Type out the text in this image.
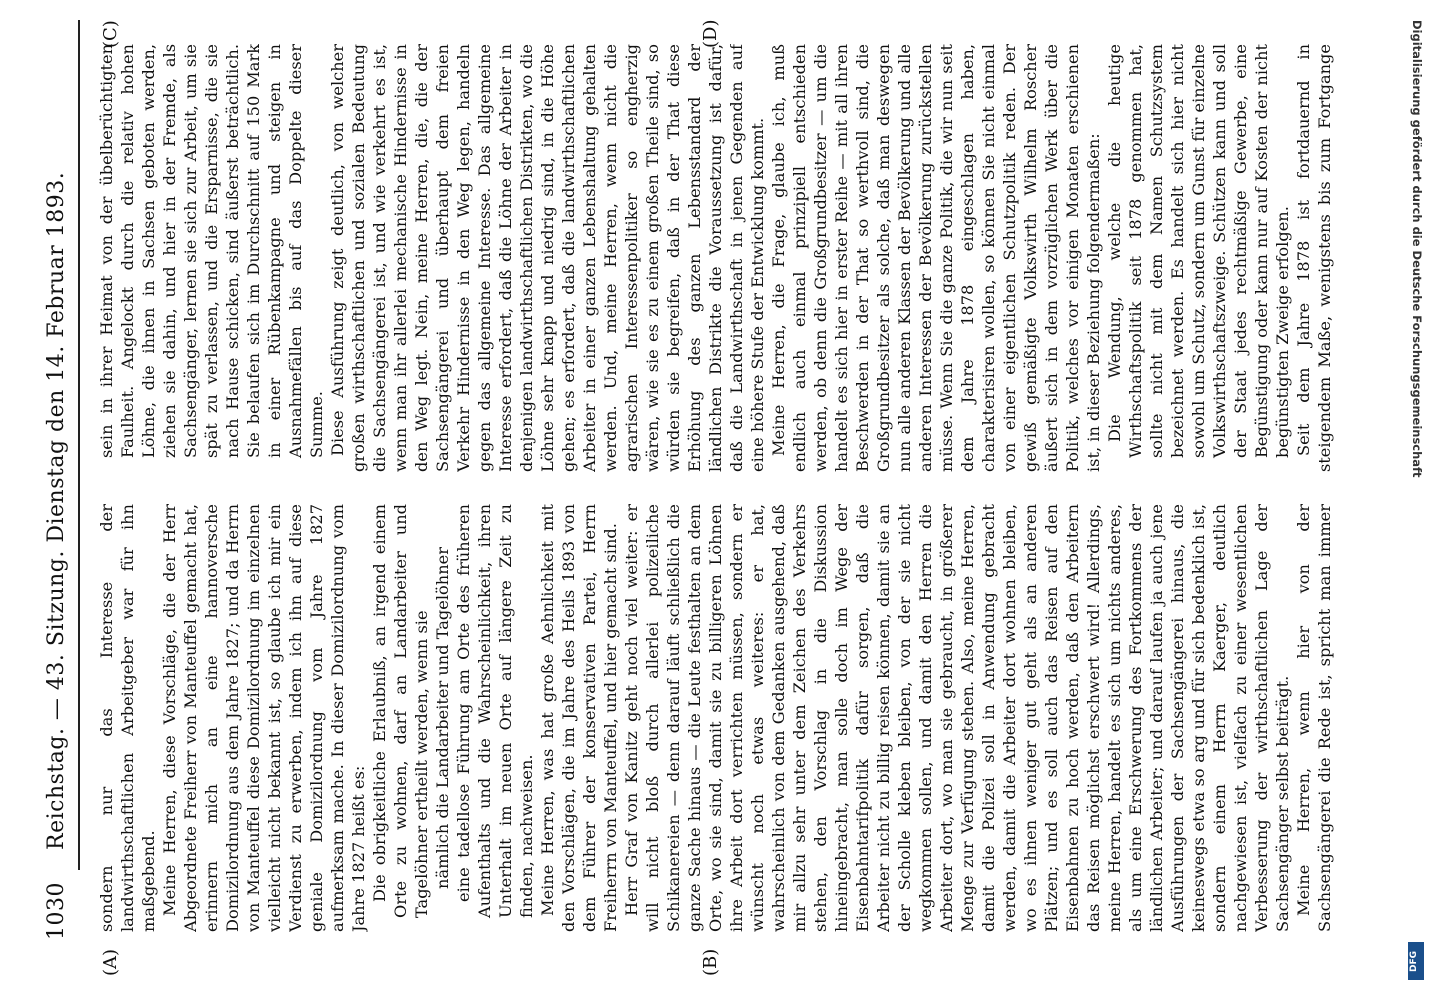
1030
Reichstag. — 43. Sitzung. Dienstag den 14. Februar 1893.
(A)	(B)
(C)	(D)

sondern nur das Interesse der landwirthschaftlichen Arbeitgeber war für ihn maßgebend. Meine Herren, diese Vorschläge, die der Herr Abgeordnete Freiherr von Manteuffel gemacht hat, erinnern mich an eine hannoversche Domizilordnung aus dem Jahre 1827; und da Herrn von Manteuffel diese Domizilordnung im einzelnen vielleicht nicht bekannt ist, so glaube ich mir ein Verdienst zu erwerben, indem ich ihn auf diese geniale Domizilordnung vom Jahre 1827 aufmerksam mache. In dieser Domizilordnung vom Jahre 1827 heißt es: Die obrigkeitliche Erlaubniß, an irgend einem Orte zu wohnen, darf an Landarbeiter und Tagelöhner ertheilt werden, wenn sie nämlich die Landarbeiter und Tagelöhner eine tadellose Führung am Orte des früheren Aufenthalts und die Wahrscheinlichkeit, ihren Unterhalt im neuen Orte auf längere Zeit zu finden, nachweisen. Meine Herren, was hat große Aehnlichkeit mit den Vorschlägen, die im Jahre des Heils 1893 von dem Führer der konservativen Partei, Herrn Freiherrn von Manteuffel, und hier gemacht sind. Herr Graf von Kanitz geht noch viel weiter: er will nicht bloß durch allerlei polizeiliche Schikanereien — denn darauf läuft schließlich die ganze Sache hinaus — die Leute festhalten an dem Orte, wo sie sind, damit sie zu billigeren Löhnen ihre Arbeit dort verrichten müssen, sondern er wünscht noch etwas weiteres: er hat, wahrscheinlich von dem Gedanken ausgehend, daß mir allzu sehr unter dem Zeichen des Verkehrs stehen, den Vorschlag in die Diskussion hineingebracht, man solle doch im Wege der Eisenbahntarifpolitik dafür sorgen, daß die Arbeiter nicht zu billig reisen können, damit sie an der Scholle kleben bleiben, von der sie nicht wegkommen sollen, und damit den Herren die Arbeiter dort, wo man sie gebraucht, in größerer Menge zur Verfügung stehen. Also, meine Herren, damit die Polizei soll in Anwendung gebracht werden, damit die Arbeiter dort wohnen bleiben, wo es ihnen weniger gut geht als an anderen Plätzen; und es soll auch das Reisen auf den Eisenbahnen zu hoch werden, daß den Arbeitern das Reisen möglichst erschwert wird! Allerdings, meine Herren, handelt es sich um nichts anderes, als um eine Erschwerung des Fortkommens der ländlichen Arbeiter; und darauf laufen ja auch jene Ausführungen der Sachsengängerei hinaus, die keineswegs etwa so arg und für sich bedenklich ist, sondern einem Herrn Kaerger, deutlich nachgewiesen ist, vielfach zu einer wesentlichen Verbesserung der wirthschaftlichen Lage der Sachsengänger selbst beiträgt. Meine Herren, wenn hier von der Sachsengängerei die Rede ist, spricht man immer

sein in ihrer Heimat von der übelberüchtigten Faulheit. Angelockt durch die relativ hohen Löhne, die ihnen in Sachsen geboten werden, ziehen sie dahin, und hier in der Fremde, als Sachsengänger, lernen sie sich zur Arbeit, um sie spät zu verlassen, und die Ersparnisse, die sie nach Hause schicken, sind äußerst beträchtlich. Sie belaufen sich im Durchschnitt auf 150 Mark in einer Rübenkampagne und steigen in Ausnahmefällen bis auf das Doppelte dieser Summe. Diese Ausführung zeigt deutlich, von welcher großen wirthschaftlichen und sozialen Bedeutung die Sachsengängerei ist, und wie verkehrt es ist, wenn man ihr allerlei mechanische Hindernisse in den Weg legt. Nein, meine Herren, die, die der Sachsengängerei und überhaupt dem freien Verkehr Hindernisse in den Weg legen, handeln gegen das allgemeine Interesse. Das allgemeine Interesse erfordert, daß die Löhne der Arbeiter in denjenigen landwirthschaftlichen Distrikten, wo die Löhne sehr knapp und niedrig sind, in die Höhe gehen; es erfordert, daß die landwirthschaftlichen Arbeiter in einer ganzen Lebenshaltung gehalten werden. Und, meine Herren, wenn nicht die agrarischen Interessenpolitiker so engherzig wären, wie sie es zu einem großen Theile sind, so würden sie begreifen, daß in der That diese Erhöhung des ganzen Lebensstandard der ländlichen Distrikte die Voraussetzung ist dafür, daß die Landwirthschaft in jenen Gegenden auf eine höhere Stufe der Entwicklung kommt. Meine Herren, die Frage, glaube ich, muß endlich auch einmal prinzipiell entschieden werden, ob denn die Großgrundbesitzer — um die handelt es sich hier in erster Reihe — mit all ihren Beschwerden in der That so werthvoll sind, die Großgrundbesitzer als solche, daß man deswegen nun alle anderen Klassen der Bevölkerung und alle anderen Interessen der Bevölkerung zurückstellen müsse. Wenn Sie die ganze Politik, die wir nun seit dem Jahre 1878 eingeschlagen haben, charakterisiren wollen, so können Sie nicht einmal von einer eigentlichen Schutzpolitik reden. Der gewiß gemäßigte Volkswirth Wilhelm Roscher äußert sich in dem vorzüglichen Werk über die Politik, welches vor einigen Monaten erschienen ist, in dieser Beziehung folgendermaßen: Die Wendung, welche die heutige Wirthschaftspolitik seit 1878 genommen hat, sollte nicht mit dem Namen Schutzsystem bezeichnet werden. Es handelt sich hier nicht sowohl um Schutz, sondern um Gunst für einzelne Volkswirthschaftszweige. Schützen kann und soll der Staat jedes rechtmäßige Gewerbe, eine Begünstigung oder kann nur auf Kosten der nicht begünstigten Zweige erfolgen. Seit dem Jahre 1878 ist fortdauernd in steigendem Maße, wenigstens bis zum Fortgange	Digitalisierung gefördert durch die Deutsche Forschungsgemeinschaft
DFG
